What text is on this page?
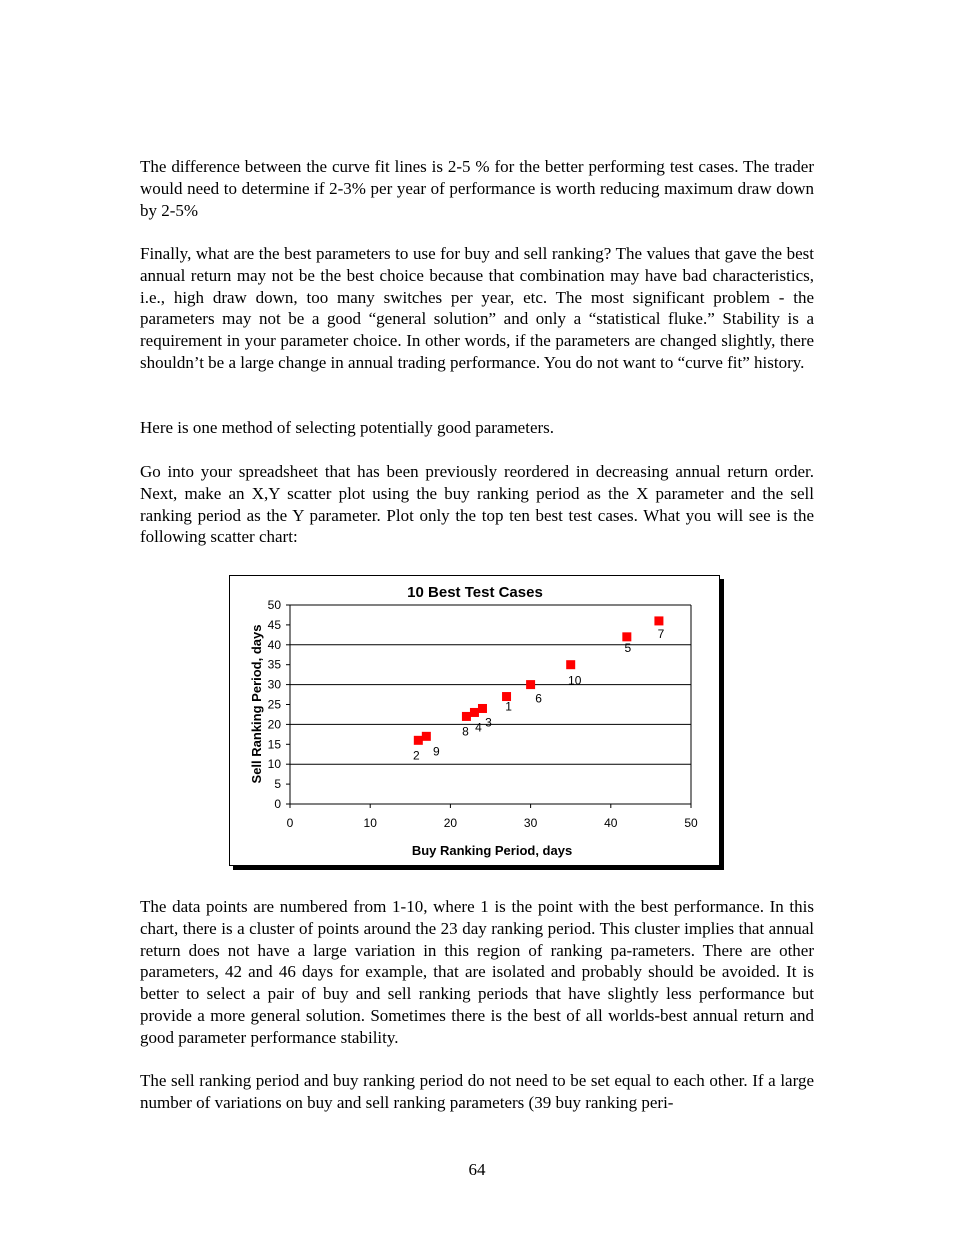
The difference between the curve fit lines is 2-5 % for the better performing test cases. The trader would need to determine if 2-3% per year of performance is worth reducing maximum draw down by 2-5%

Finally, what are the best parameters to use for buy and sell ranking? The values that gave the best annual return may not be the best choice because that combination may have bad characteristics, i.e., high draw down, too many switches per year, etc. The most significant problem - the parameters may not be a good “general solution” and only a “statistical fluke.” Stability is a requirement in your parameter choice. In other words, if the parameters are changed slightly, there shouldn’t be a large change in annual trading performance. You do not want to “curve fit” history.

Here is one method of selecting potentially good parameters.

Go into your spreadsheet that has been previously reordered in decreasing annual return order. Next, make an X,Y scatter plot using the buy ranking period as the X parameter and the sell ranking period as the Y parameter. Plot only the top ten best test cases. What you will see is the following scatter chart:

10 Best Test Cases
0
5
10
15
20
25
30
35
40
45
50
0	10	20	30	40	50
Buy Ranking Period, days
Sell Ranking Period, days	1
2
3
4
5
6
7
8
9
10

The data points are numbered from 1-10, where 1 is the point with the best performance. In this chart, there is a cluster of points around the 23 day ranking period. This cluster implies that annual return does not have a large variation in this region of ranking pa-rameters. There are other parameters, 42 and 46 days for example, that are isolated and probably should be avoided. It is better to select a pair of buy and sell ranking periods that have slightly less performance but provide a more general solution. Sometimes there is the best of all worlds-best annual return and good parameter performance stability.

The sell ranking period and buy ranking period do not need to be set equal to each other. If a large number of variations on buy and sell ranking parameters (39 buy ranking peri-

64
